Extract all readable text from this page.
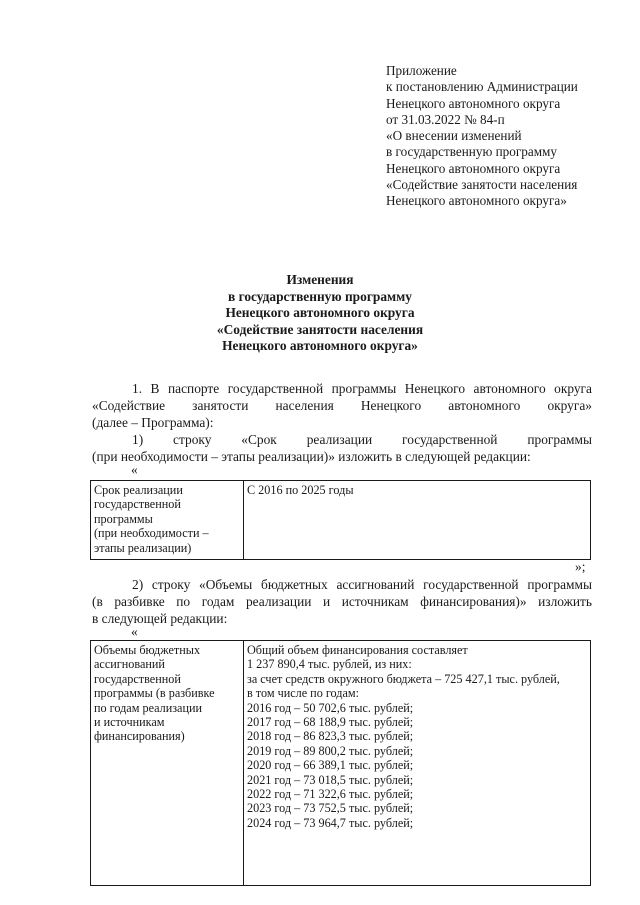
Приложение
к постановлению Администрации
Ненецкого автономного округа
от 31.03.2022 № 84-п
«О внесении изменений
в государственную программу
Ненецкого автономного округа
«Содействие занятости населения
Ненецкого автономного округа»
Изменения
в государственную программу
Ненецкого автономного округа
«Содействие занятости населения
Ненецкого автономного округа»
1. В паспорте государственной программы Ненецкого автономного округа
«Содействие занятости населения Ненецкого автономного округа»
(далее – Программа):
1) строку «Срок реализации государственной программы
(при необходимости – этапы реализации)» изложить в следующей редакции:
«
Срок реализации
государственной
программы
(при необходимости –
этапы реализации)

С 2016 по 2025 годы
»;
2) строку «Объемы бюджетных ассигнований государственной программы
(в разбивке по годам реализации и источникам финансирования)» изложить
в следующей редакции:
«
Объемы бюджетных
ассигнований
государственной
программы (в разбивке
по годам реализации
и источникам
финансирования)

Общий объем финансирования составляет
1 237 890,4 тыс. рублей, из них:
за счет средств окружного бюджета – 725 427,1 тыс. рублей,
в том числе по годам:
2016 год – 50 702,6 тыс. рублей;
2017 год – 68 188,9 тыс. рублей;
2018 год – 86 823,3 тыс. рублей;
2019 год – 89 800,2 тыс. рублей;
2020 год – 66 389,1 тыс. рублей;
2021 год – 73 018,5 тыс. рублей;
2022 год – 71 322,6 тыс. рублей;
2023 год – 73 752,5 тыс. рублей;
2024 год – 73 964,7 тыс. рублей;
